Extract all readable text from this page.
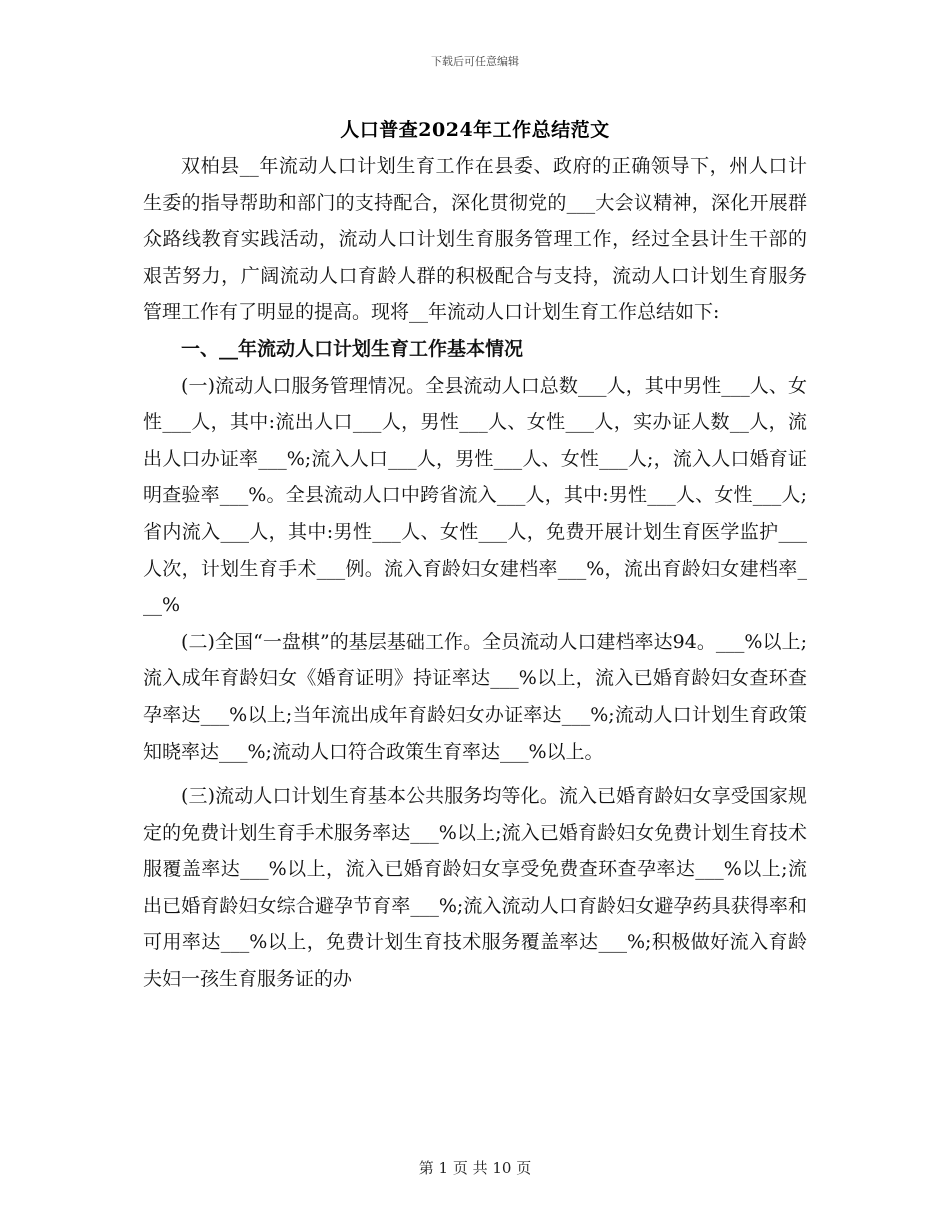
下载后可任意编辑
人口普查2024年工作总结范文

双柏县__年流动人口计划生育工作在县委、政府的正确领导下，州人口计生委的指导帮助和部门的支持配合，深化贯彻党的___大会议精神，深化开展群众路线教育实践活动，流动人口计划生育服务管理工作，经过全县计生干部的艰苦努力，广阔流动人口育龄人群的积极配合与支持，流动人口计划生育服务管理工作有了明显的提高。现将__年流动人口计划生育工作总结如下:

一、__年流动人口计划生育工作基本情况

(一)流动人口服务管理情况。全县流动人口总数___人，其中男性___人、女性___人，其中:流出人口___人，男性___人、女性___人，实办证人数__人，流出人口办证率___%;流入人口___人，男性___人、女性___人;，流入人口婚育证明查验率___%。全县流动人口中跨省流入___人，其中:男性___人、女性___人;省内流入___人，其中:男性___人、女性___人，免费开展计划生育医学监护___人次，计划生育手术___例。流入育龄妇女建档率___%，流出育龄妇女建档率___%

(二)全国“一盘棋”的基层基础工作。全员流动人口建档率达94。___%以上;流入成年育龄妇女《婚育证明》持证率达___%以上，流入已婚育龄妇女查环查孕率达___%以上;当年流出成年育龄妇女办证率达___%;流动人口计划生育政策知晓率达___%;流动人口符合政策生育率达___%以上。

(三)流动人口计划生育基本公共服务均等化。流入已婚育龄妇女享受国家规定的免费计划生育手术服务率达___%以上;流入已婚育龄妇女免费计划生育技术服覆盖率达___%以上，流入已婚育龄妇女享受免费查环查孕率达___%以上;流出已婚育龄妇女综合避孕节育率___%;流入流动人口育龄妇女避孕药具获得率和可用率达___%以上，免费计划生育技术服务覆盖率达___%;积极做好流入育龄夫妇一孩生育服务证的办

第 1 页 共 10 页
